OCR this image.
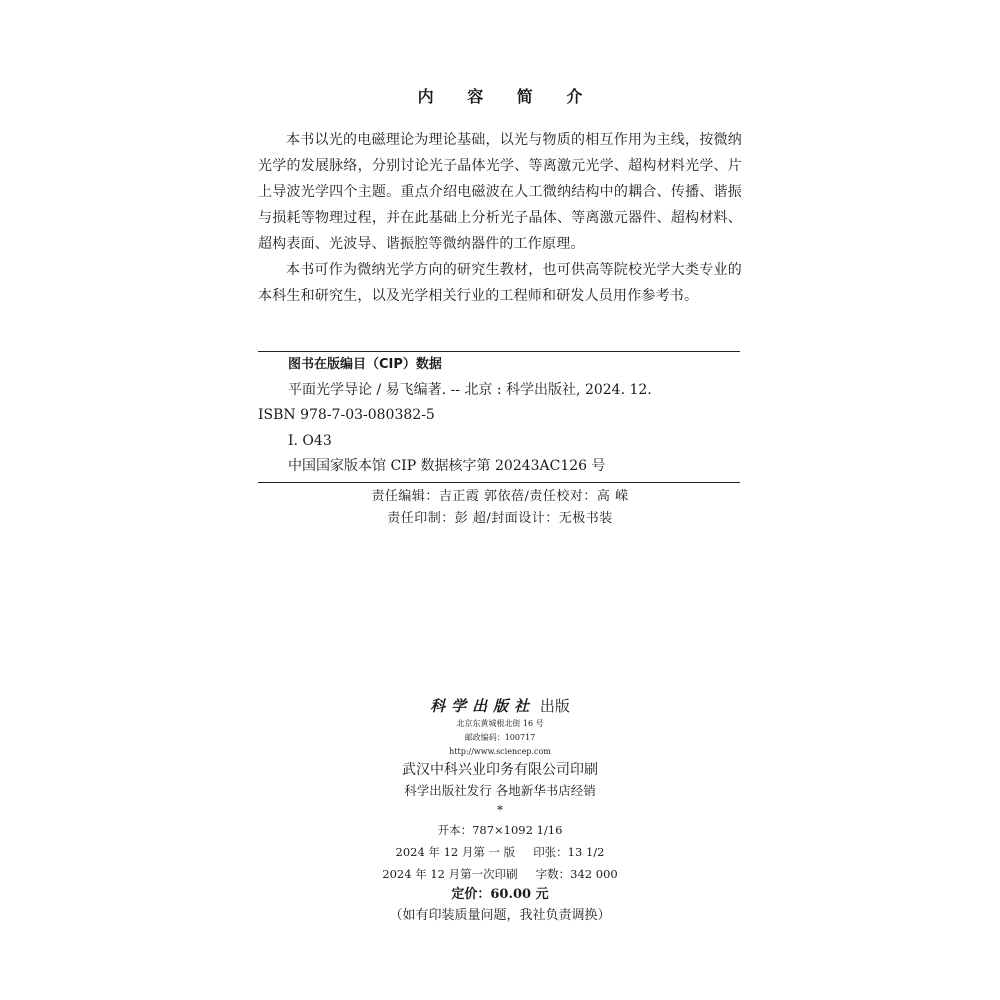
内 容 简 介

本书以光的电磁理论为理论基础，以光与物质的相互作用为主线，按微纳光学的发展脉络，分别讨论光子晶体光学、等离激元光学、超构材料光学、片上导波光学四个主题。重点介绍电磁波在人工微纳结构中的耦合、传播、谐振与损耗等物理过程，并在此基础上分析光子晶体、等离激元器件、超构材料、超构表面、光波导、谐振腔等微纳器件的工作原理。

本书可作为微纳光学方向的研究生教材，也可供高等院校光学大类专业的本科生和研究生，以及光学相关行业的工程师和研发人员用作参考书。

图书在版编目（CIP）数据
平面光学导论 / 易飞编著. -- 北京 : 科学出版社, 2024. 12.
ISBN 978-7-03-080382-5
I. O43
中国国家版本馆 CIP 数据核字第 20243AC126 号
责任编辑：吉正霞 郭依蓓/责任校对：高 嵘
责任印制：彭 超/封面设计：无极书装
科学出版社 出版
北京东黄城根北街 16 号
邮政编码：100717
http://www.sciencep.com
武汉中科兴业印务有限公司印刷
科学出版社发行 各地新华书店经销
*
开本：787×1092 1/16
2024 年 12 月第 一 版 印张：13 1/2
2024 年 12 月第一次印刷 字数：342 000
定价：60.00 元
（如有印装质量问题，我社负责调换）
